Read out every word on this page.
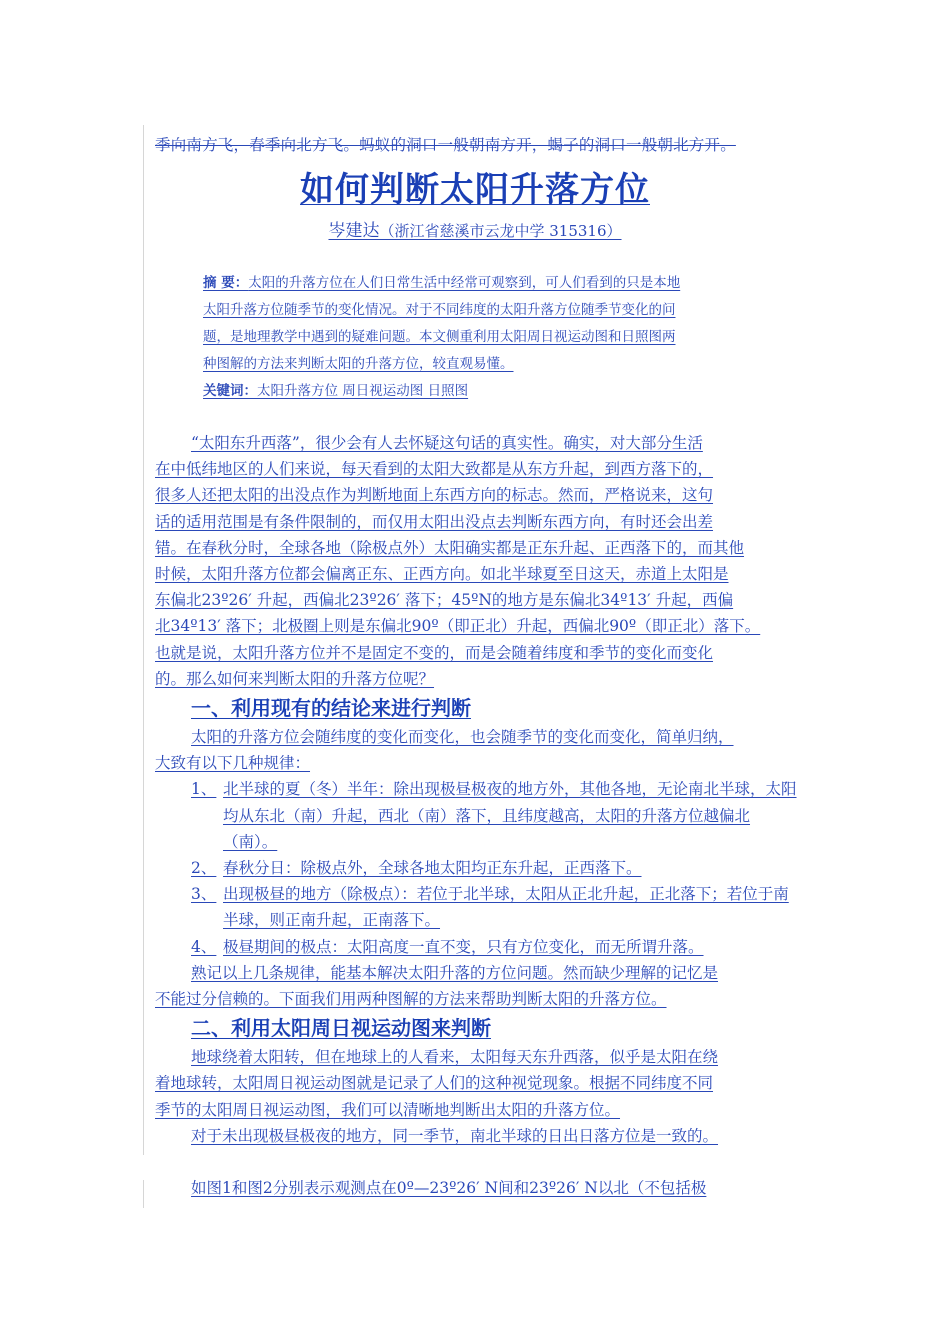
季向南方飞，春季向北方飞。蚂蚁的洞口一般朝南方开，蝎子的洞口一般朝北方开。
如何判断太阳升落方位
岑建达（浙江省慈溪市云龙中学 315316）

摘 要：太阳的升落方位在人们日常生活中经常可观察到，可人们看到的只是本地

太阳升落方位随季节的变化情况。对于不同纬度的太阳升落方位随季节变化的问

题，是地理教学中遇到的疑难问题。本文侧重利用太阳周日视运动图和日照图两

种图解的方法来判断太阳的升落方位，较直观易懂。

关键词：太阳升落方位 周日视运动图 日照图

“太阳东升西落”，很少会有人去怀疑这句话的真实性。确实，对大部分生活

在中低纬地区的人们来说，每天看到的太阳大致都是从东方升起，到西方落下的，

很多人还把太阳的出没点作为判断地面上东西方向的标志。然而，严格说来，这句

话的适用范围是有条件限制的，而仅用太阳出没点去判断东西方向，有时还会出差

错。在春秋分时，全球各地（除极点外）太阳确实都是正东升起、正西落下的，而其他

时候，太阳升落方位都会偏离正东、正西方向。如北半球夏至日这天，赤道上太阳是

东偏北23º26′ 升起，西偏北23º26′ 落下；45ºN的地方是东偏北34º13′ 升起，西偏

北34º13′ 落下；北极圈上则是东偏北90º（即正北）升起，西偏北90º（即正北）落下。

也就是说，太阳升落方位并不是固定不变的，而是会随着纬度和季节的变化而变化

的。那么如何来判断太阳的升落方位呢？

一、利用现有的结论来进行判断

太阳的升落方位会随纬度的变化而变化，也会随季节的变化而变化，简单归纳，

大致有以下几种规律：

1、 北半球的夏（冬）半年：除出现极昼极夜的地方外，其他各地，无论南北半球，太阳均从东北（南）升起，西北（南）落下，且纬度越高，太阳的升落方位越偏北（南）。
2、 春秋分日：除极点外，全球各地太阳均正东升起，正西落下。
3、 出现极昼的地方（除极点）：若位于北半球，太阳从正北升起，正北落下；若位于南半球，则正南升起，正南落下。
4、 极昼期间的极点：太阳高度一直不变，只有方位变化，而无所谓升落。

熟记以上几条规律，能基本解决太阳升落的方位问题。然而缺少理解的记忆是

不能过分信赖的。下面我们用两种图解的方法来帮助判断太阳的升落方位。

二、利用太阳周日视运动图来判断

地球绕着太阳转，但在地球上的人看来，太阳每天东升西落，似乎是太阳在绕

着地球转，太阳周日视运动图就是记录了人们的这种视觉现象。根据不同纬度不同

季节的太阳周日视运动图，我们可以清晰地判断出太阳的升落方位。

对于未出现极昼极夜的地方，同一季节，南北半球的日出日落方位是一致的。

如图1和图2分别表示观测点在0º—23º26′ N间和23º26′ N以北（不包括极
